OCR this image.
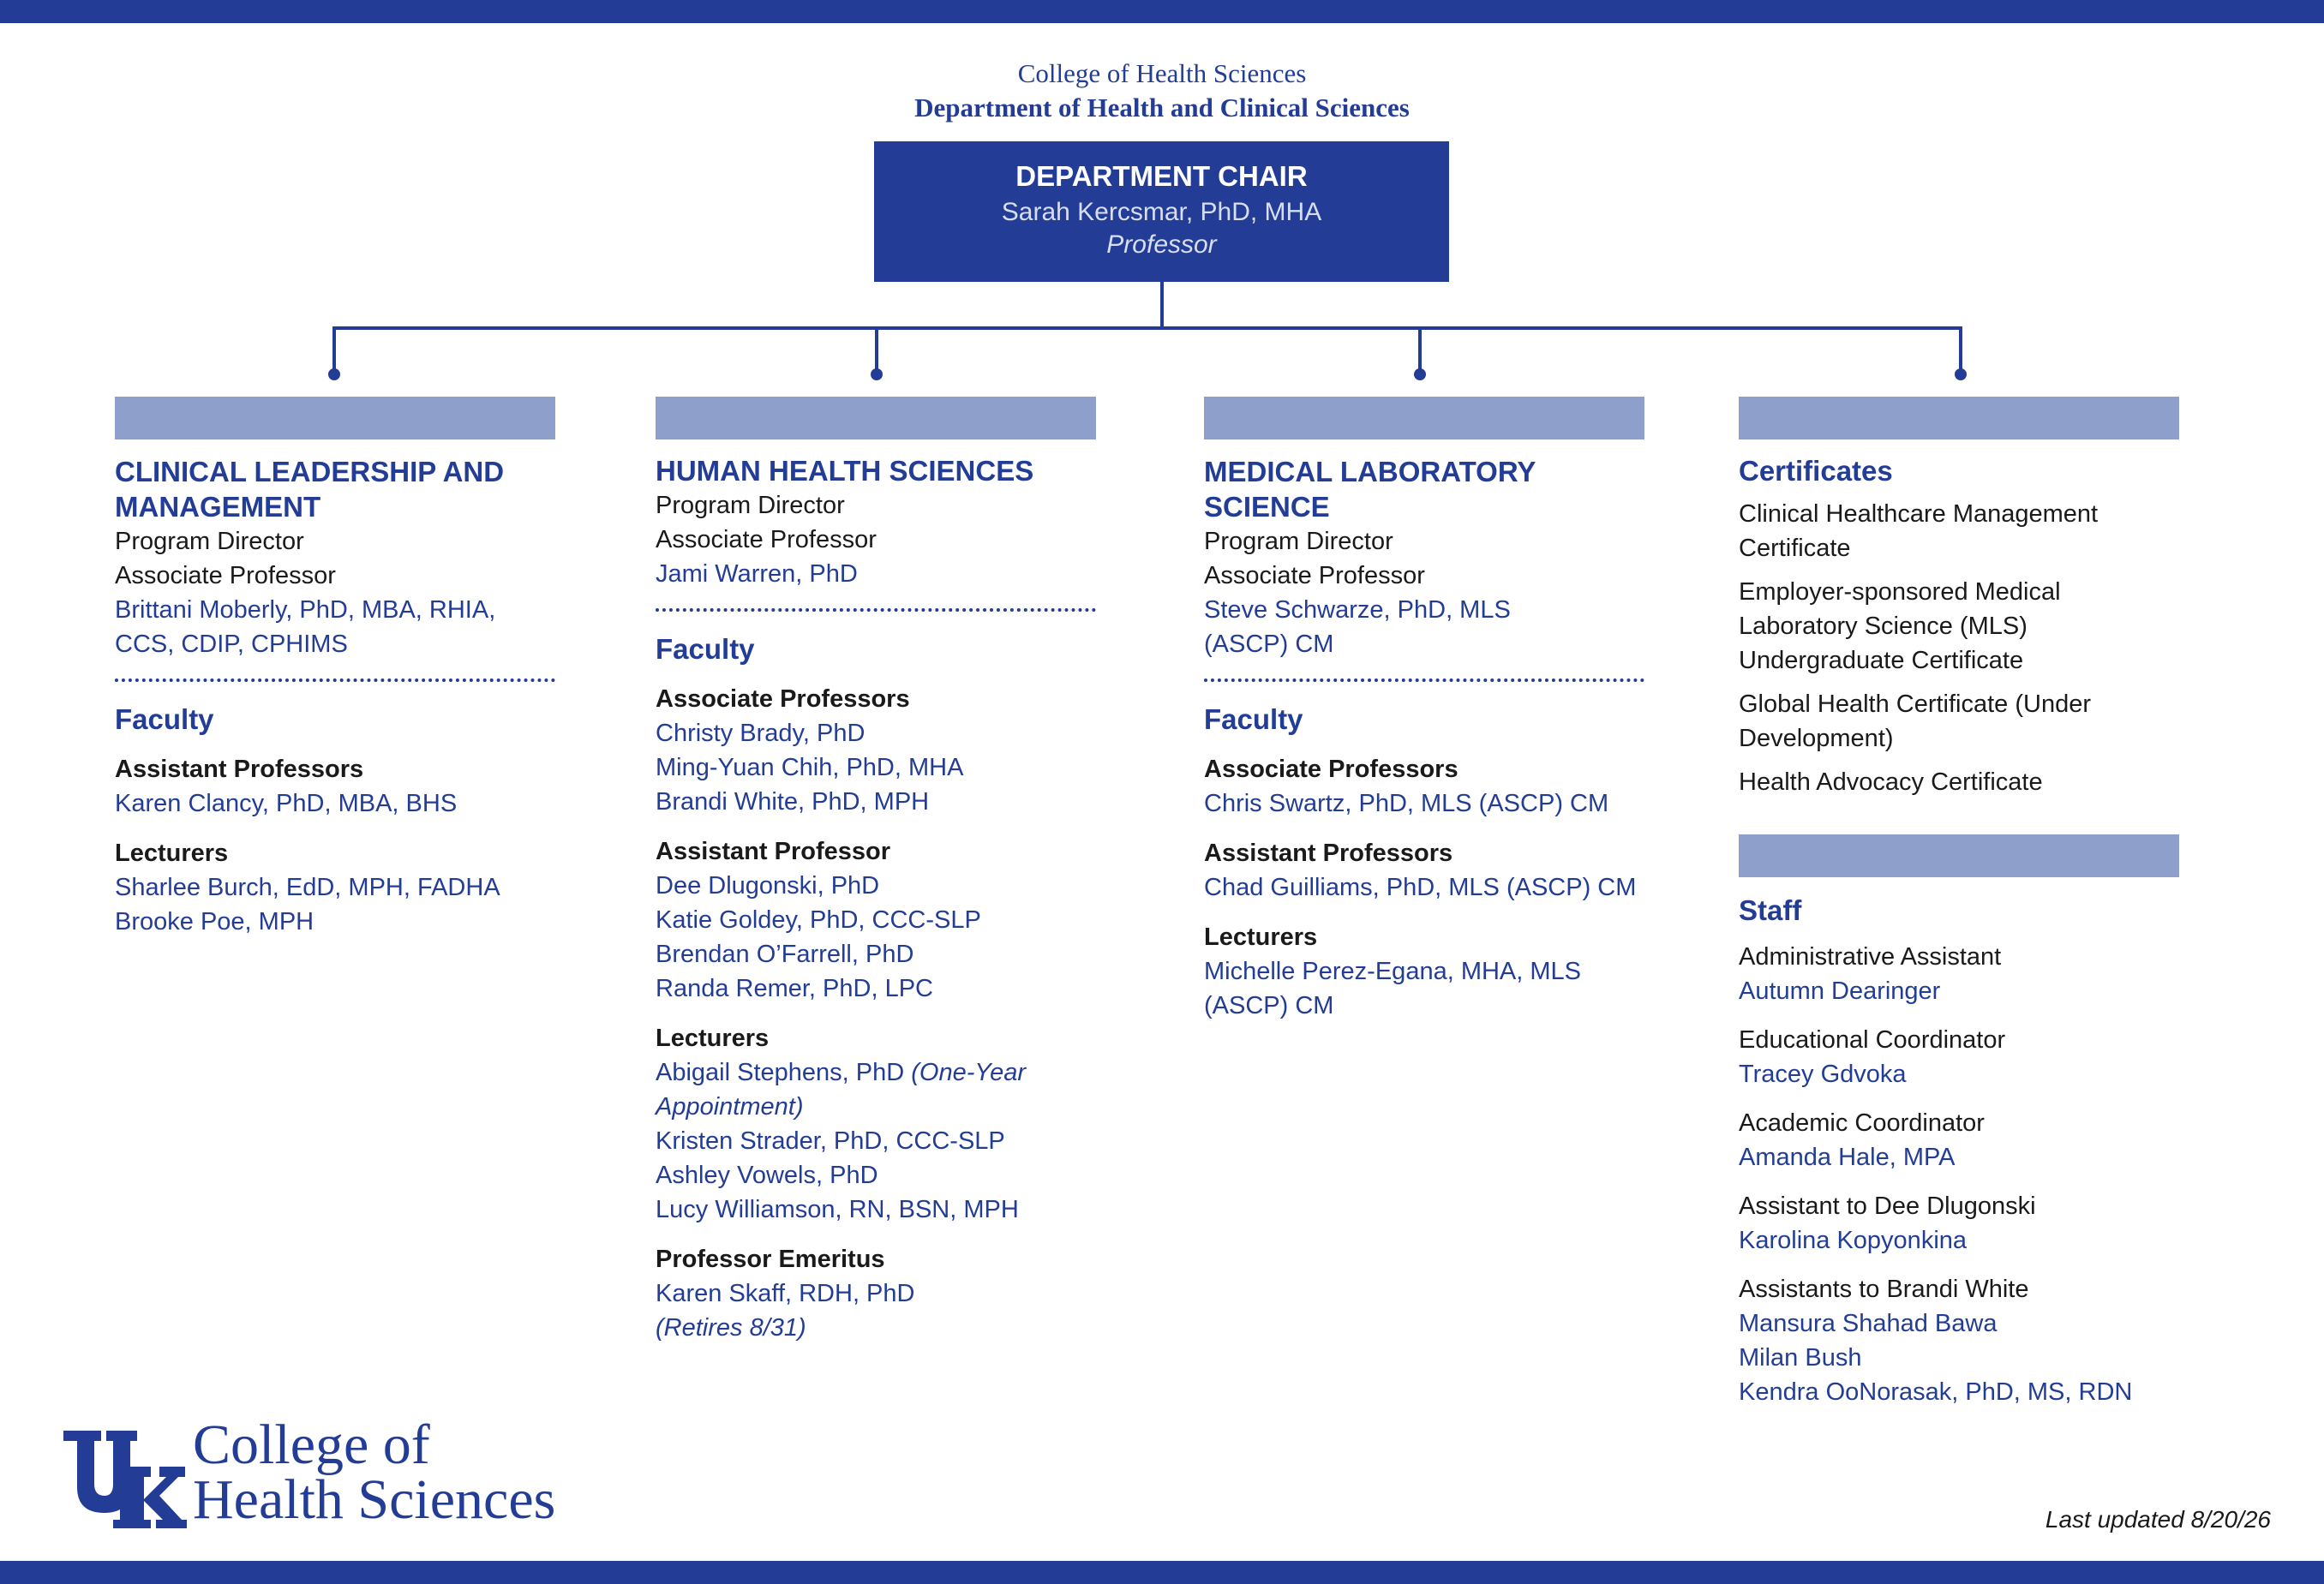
College of Health Sciences
Department of Health and Clinical Sciences
DEPARTMENT CHAIR
Sarah Kercsmar, PhD, MHA
Professor
CLINICAL LEADERSHIP AND
MANAGEMENT
Program Director
Associate Professor
Brittani Moberly, PhD, MBA, RHIA,
CCS, CDIP, CPHIMS
Faculty
Assistant Professors
Karen Clancy, PhD, MBA, BHS
Lecturers
Sharlee Burch, EdD, MPH, FADHA
Brooke Poe, MPH
HUMAN HEALTH SCIENCES
Program Director
Associate Professor
Jami Warren, PhD
Faculty
Associate Professors
Christy Brady, PhD
Ming-Yuan Chih, PhD, MHA
Brandi White, PhD, MPH
Assistant Professor
Dee Dlugonski, PhD
Katie Goldey, PhD, CCC-SLP
Brendan O’Farrell, PhD
Randa Remer, PhD, LPC
Lecturers
Abigail Stephens, PhD (One-Year
Appointment)
Kristen Strader, PhD, CCC-SLP
Ashley Vowels, PhD
Lucy Williamson, RN, BSN, MPH
Professor Emeritus
Karen Skaff, RDH, PhD
(Retires 8/31)
MEDICAL LABORATORY
SCIENCE
Program Director
Associate Professor
Steve Schwarze, PhD, MLS
(ASCP) CM
Faculty
Associate Professors
Chris Swartz, PhD, MLS (ASCP) CM
Assistant Professors
Chad Guilliams, PhD, MLS (ASCP) CM
Lecturers
Michelle Perez-Egana, MHA, MLS
(ASCP) CM
Certificates
Clinical Healthcare Management
Certificate
Employer-sponsored Medical
Laboratory Science (MLS)
Undergraduate Certificate
Global Health Certificate (Under
Development)
Health Advocacy Certificate
Staff
Administrative Assistant
Autumn Dearinger
Educational Coordinator
Tracey Gdvoka
Academic Coordinator
Amanda Hale, MPA
Assistant to Dee Dlugonski
Karolina Kopyonkina
Assistants to Brandi White
Mansura Shahad Bawa
Milan Bush
Kendra OoNorasak, PhD, MS, RDN
College of
Health Sciences	Last updated 8/20/26
